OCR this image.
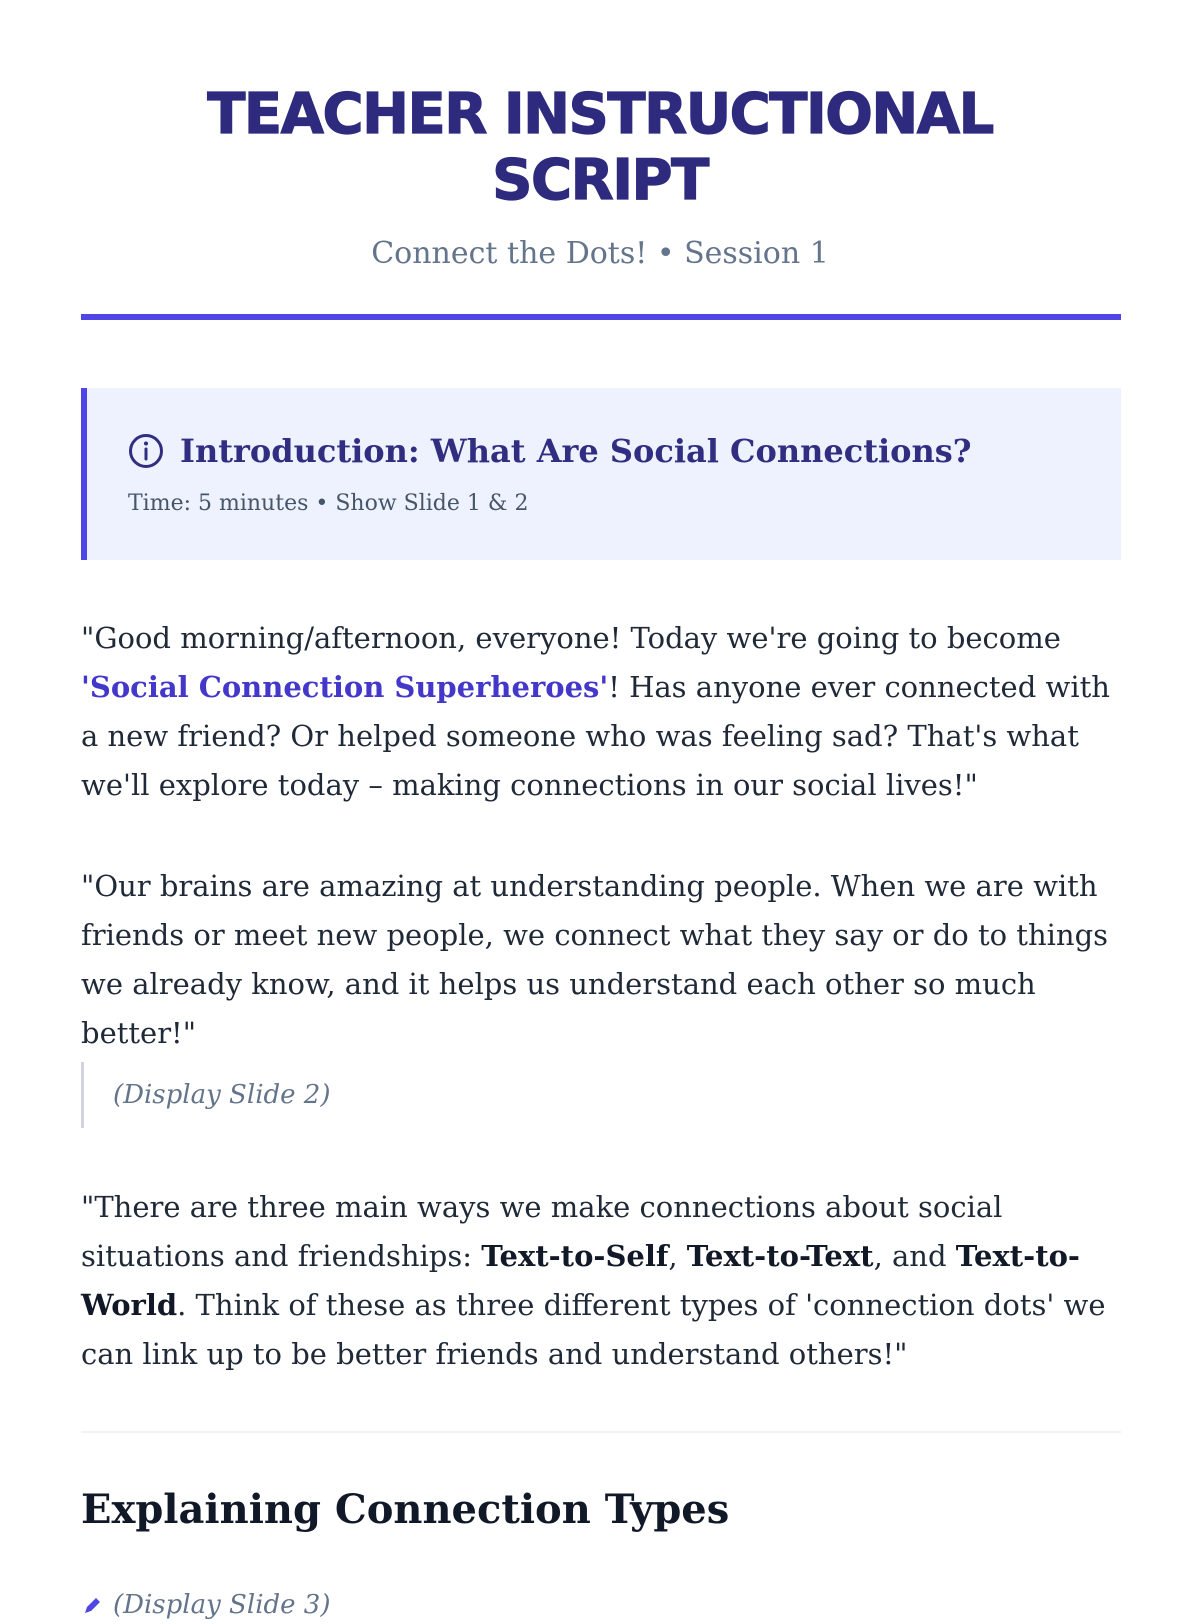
TEACHER INSTRUCTIONAL SCRIPT
Connect the Dots! • Session 1
Introduction: What Are Social Connections?
Time: 5 minutes • Show Slide 1 & 2

"Good morning/afternoon, everyone! Today we're going to become 'Social Connection Superheroes'! Has anyone ever connected with a new friend? Or helped someone who was feeling sad? That's what we'll explore today – making connections in our social lives!"

"Our brains are amazing at understanding people. When we are with friends or meet new people, we connect what they say or do to things we already know, and it helps us understand each other so much better!"

(Display Slide 2)

"There are three main ways we make connections about social situations and friendships: Text-to-Self, Text-to-Text, and Text-to-World. Think of these as three different types of 'connection dots' we can link up to be better friends and understand others!"

Explaining Connection Types
(Display Slide 3)
